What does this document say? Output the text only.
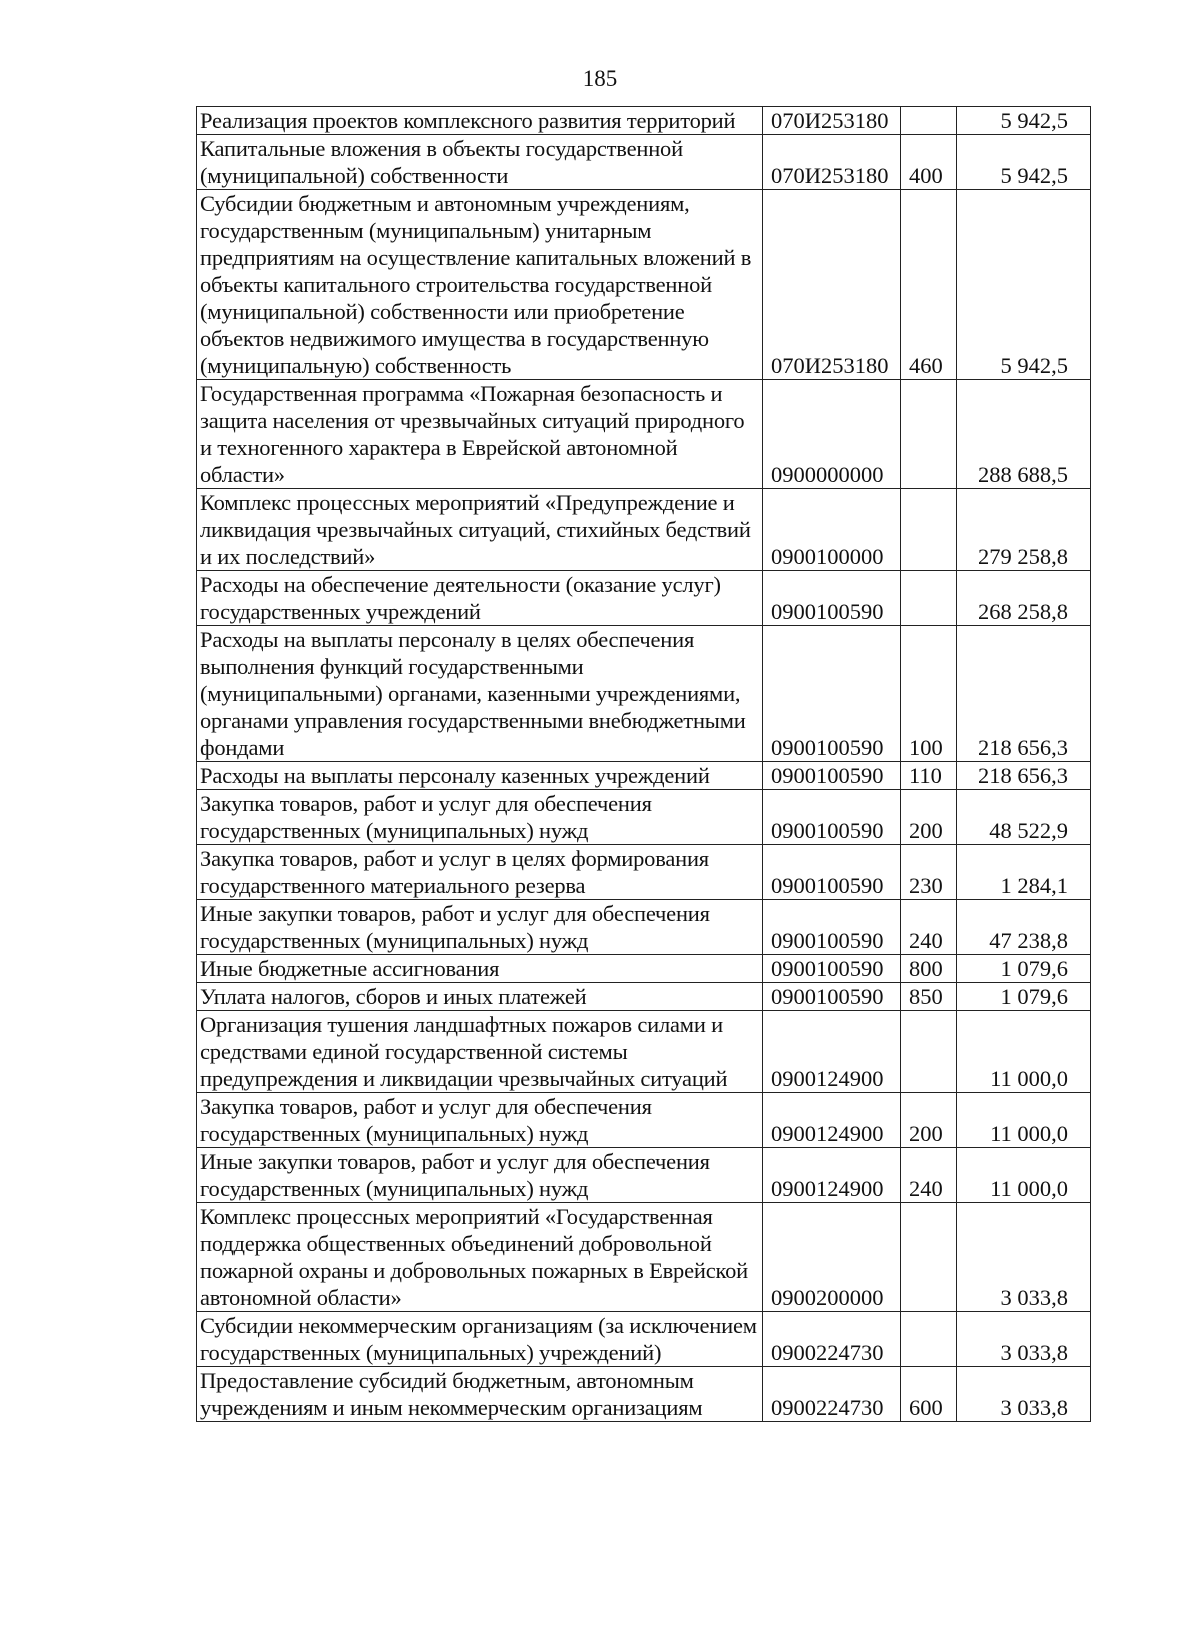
185
Реализация проектов комплексного развития территорий	070И253180		5 942,5
Капитальные вложения в объекты государственной (муниципальной) собственности	070И253180	400	5 942,5
Субсидии бюджетным и автономным учреждениям, государственным (муниципальным) унитарным предприятиям на осуществление капитальных вложений в объекты капитального строительства государственной (муниципальной) собственности или приобретение объектов недвижимого имущества в государственную (муниципальную) собственность	070И253180	460	5 942,5
Государственная программа «Пожарная безопасность и защита населения от чрезвычайных ситуаций природного и техногенного характера в Еврейской автономной области»	0900000000		288 688,5
Комплекс процессных мероприятий «Предупреждение и ликвидация чрезвычайных ситуаций, стихийных бедствий и их последствий»	0900100000		279 258,8
Расходы на обеспечение деятельности (оказание услуг) государственных учреждений	0900100590		268 258,8
Расходы на выплаты персоналу в целях обеспечения выполнения функций государственными (муниципальными) органами, казенными учреждениями, органами управления государственными внебюджетными фондами	0900100590	100	218 656,3
Расходы на выплаты персоналу казенных учреждений	0900100590	110	218 656,3
Закупка товаров, работ и услуг для обеспечения государственных (муниципальных) нужд	0900100590	200	48 522,9
Закупка товаров, работ и услуг в целях формирования государственного материального резерва	0900100590	230	1 284,1
Иные закупки товаров, работ и услуг для обеспечения государственных (муниципальных) нужд	0900100590	240	47 238,8
Иные бюджетные ассигнования	0900100590	800	1 079,6
Уплата налогов, сборов и иных платежей	0900100590	850	1 079,6
Организация тушения ландшафтных пожаров силами и средствами единой государственной системы предупреждения и ликвидации чрезвычайных ситуаций	0900124900		11 000,0
Закупка товаров, работ и услуг для обеспечения государственных (муниципальных) нужд	0900124900	200	11 000,0
Иные закупки товаров, работ и услуг для обеспечения государственных (муниципальных) нужд	0900124900	240	11 000,0
Комплекс процессных мероприятий «Государственная поддержка общественных объединений добровольной пожарной охраны и добровольных пожарных в Еврейской автономной области»	0900200000		3 033,8
Субсидии некоммерческим организациям (за исключением государственных (муниципальных) учреждений)	0900224730		3 033,8
Предоставление субсидий бюджетным, автономным учреждениям и иным некоммерческим организациям	0900224730	600	3 033,8
